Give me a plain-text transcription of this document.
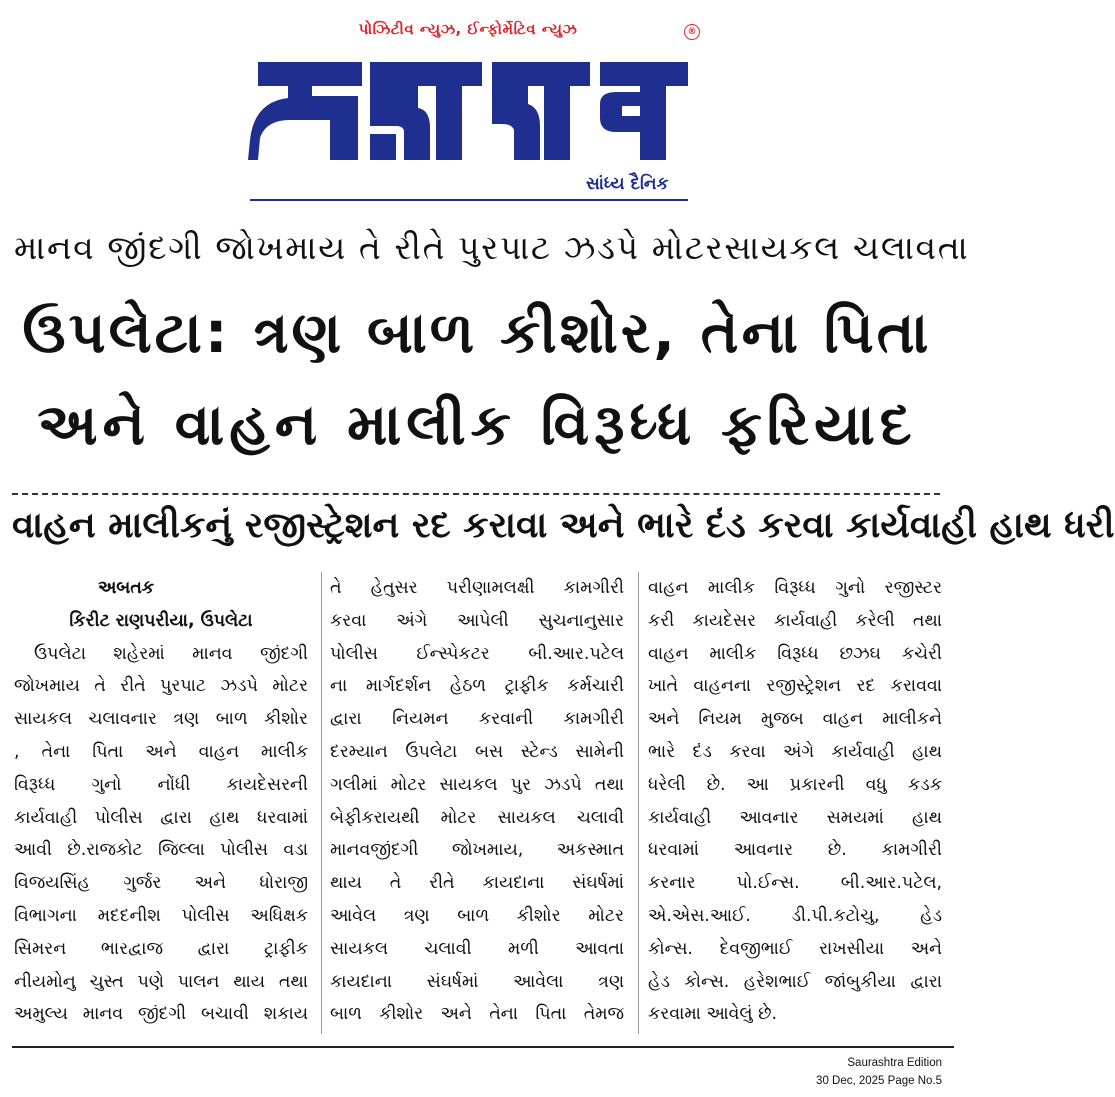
પોઝિટીવ ન્યુઝ, ઈન્ફોર્મેટિવ ન્યુઝ	®
સાંધ્ય દૈનિક
માનવ જીંદગી જોખમાય તે રીતે પુરપાટ ઝડપે મોટરસાયકલ ચલાવતા
ઉપલેટા: ત્રણ બાળ કીશોર, તેના પિતા
અને વાહન માલીક વિરૂધ્ધ ફરિયાદ
વાહન માલીકનું રજીસ્ટ્રેશન રદ કરાવા અને ભારે દંડ કરવા કાર્યવાહી હાથ ધરી
અબતક
કિરીટ રાણપરીયા, ઉપલેટા
ઉપલેટા શહેરમાં માનવ જીંદગી
જોખમાય તે રીતે પુરપાટ ઝડપે મોટર
સાયકલ ચલાવનાર ત્રણ બાળ કીશોર
, તેના પિતા અને વાહન માલીક
વિરૂધ્ધ ગુનો નોંધી કાયદેસરની
કાર્યવાહી પોલીસ દ્વારા હાથ ધરવામાં
આવી છે.રાજકોટ જિલ્લા પોલીસ વડા
વિજયસિંહ ગુર્જર અને ધોરાજી
વિભાગના મદદનીશ પોલીસ અધિક્ષક
સિમરન ભારદ્વાજ દ્વારા ટ્રાફીક
નીયમોનુ ચુસ્ત પણે પાલન થાય તથા
અમુલ્ય માનવ જીંદગી બચાવી શકાય
તે હેતુસર પરીણામલક્ષી કામગીરી
કરવા અંગે આપેલી સુચનાનુસાર
પોલીસ ઈન્સ્પેકટર બી.આર.પટેલ
ના માર્ગદર્શન હેઠળ ટ્રાફીક કર્મચારી
દ્વારા નિયમન કરવાની કામગીરી
દરમ્યાન ઉપલેટા બસ સ્ટેન્ડ સામેની
ગલીમાં મોટર સાયકલ પુર ઝડપે તથા
બેફીકરાયથી મોટર સાયકલ ચલાવી
માનવજીંદગી જોખમાય, અકસ્માત
થાય તે રીતે કાયદાના સંઘર્ષમાં
આવેલ ત્રણ બાળ કીશોર મોટર
સાયકલ ચલાવી મળી આવતા
કાયદાના સંઘર્ષમાં આવેલા ત્રણ
બાળ કીશોર અને તેના પિતા તેમજ
વાહન માલીક વિરૂધ્ધ ગુનો રજીસ્ટર
કરી કાયદેસર કાર્યવાહી કરેલી તથા
વાહન માલીક વિરૂધ્ધ છઝઘ કચેરી
ખાતે વાહનના રજીસ્ટ્રેશન રદ કરાવવા
અને નિયમ મુજબ વાહન માલીકને
ભારે દંડ કરવા અંગે કાર્યવાહી હાથ
ધરેલી છે. આ પ્રકારની વધુ કડક
કાર્યવાહી આવનાર સમયમાં હાથ
ધરવામાં આવનાર છે. કામગીરી
કરનાર પો.ઈન્સ. બી.આર.પટેલ,
એ.એસ.આઈ. ડી.પી.કટોચુ, હેડ
કોન્સ. દેવજીભાઈ રાખસીયા અને
હેડ કોન્સ. હરેશભાઈ જાંબુકીયા દ્વારા
કરવામા આવેલું છે.
Saurashtra Edition
30 Dec, 2025 Page No.5
